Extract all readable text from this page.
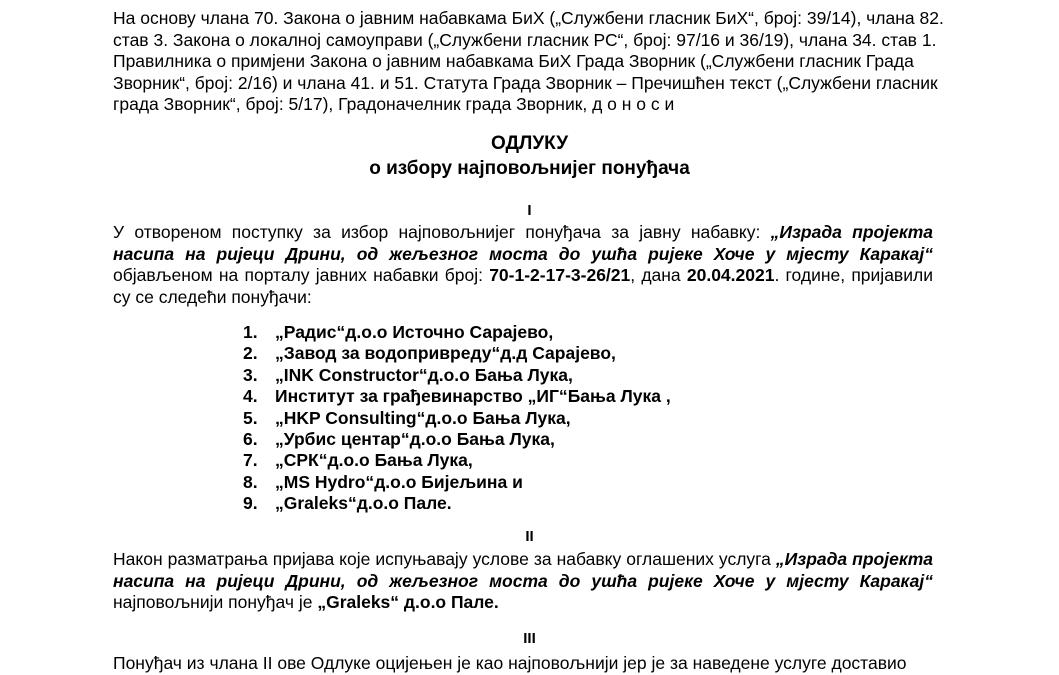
На основу члана 70. Закона о јавним набавкама БиХ („Службени гласник БиХ“, број: 39/14), члана 82. став 3. Закона о локалној самоуправи („Службени гласник РС“, број: 97/16 и 36/19), члана 34. став 1. Правилника о примјени Закона о јавним набавкама БиХ Града Зворник („Службени гласник Града Зворник“, број: 2/16) и члана 41. и 51. Статута Града Зворник – Пречишћен текст („Службени гласник града Зворник“, број: 5/17), Градоначелник града Зворник, д о н о с и

ОДЛУКУ
о избору најповољнијег понуђача
I

У отвореном поступку за избор најповољнијег понуђача за јавну набавку: „Израда пројекта насипа на ријеци Дрини, од жељезног моста до ушћа ријеке Хоче у мјесту Каракај“ објављеном на порталу јавних набавки број: 70-1-2-17-3-26/21, дана 20.04.2021. године, пријавили су се следећи понуђачи:

1. „Радис“ д.о.о Источно Сарајево,
2. „Завод за водопривреду“ д.д Сарајево,
3. „INK Constructor“ д.о.о Бања Лука,
4. Институт за грађевинарство „ИГ“ Бања Лука ,
5. „HKP Consulting“ д.о.о Бања Лука,
6. „Урбис центар“ д.о.о Бања Лука,
7. „СРК“ д.о.о Бања Лука,
8. „MS Hydro“ д.о.о Бијељина и
9. „Graleks“ д.о.о Пале.
II

Након разматрања пријава које испуњавају услове за набавку оглашених услуга „Израда пројекта насипа на ријеци Дрини, од жељезног моста до ушћа ријеке Хоче у мјесту Каракај“ најповољнији понуђач је „Graleks“ д.о.о Пале.

III

Понуђач из члана II ове Одлуке оцијењен је као најповољнији јер је за наведене услуге доставио
